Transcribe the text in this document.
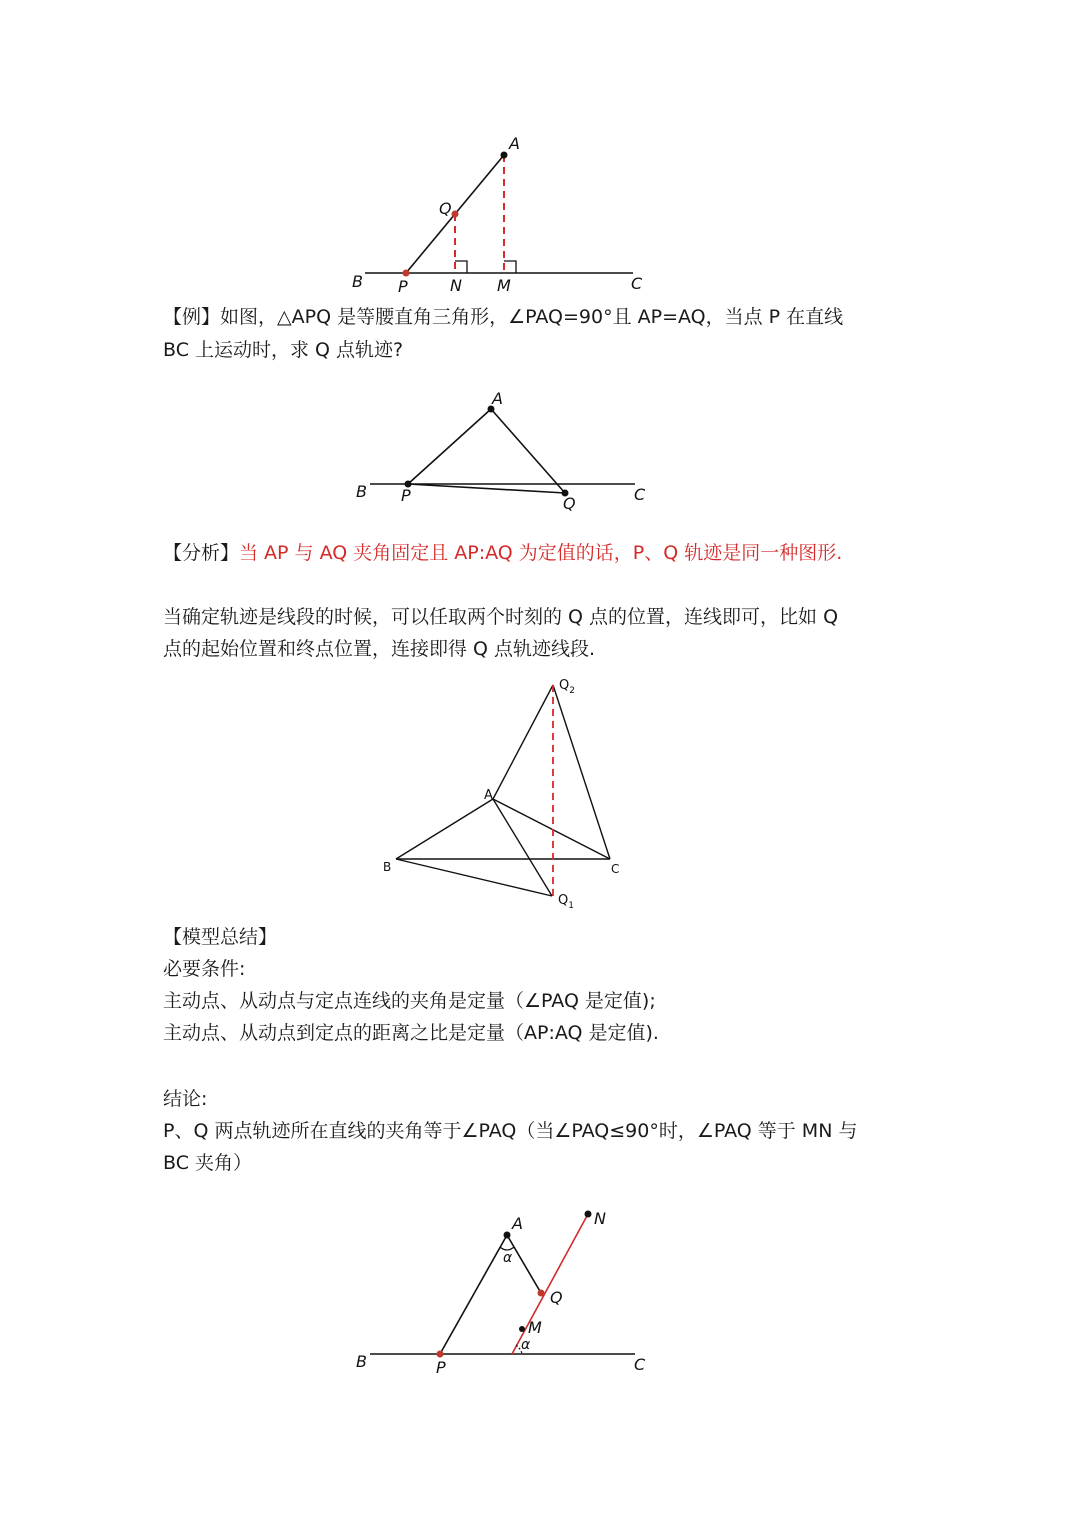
A
Q
B P	N M	C
【例】如图，△APQ 是等腰直角三角形，∠PAQ=90°且 AP=AQ，当点 P 在直线
BC 上运动时，求 Q 点轨迹?
A
B P	Q	C
【分析】当 AP 与 AQ 夹角固定且 AP:AQ 为定值的话，P、Q 轨迹是同一种图形.
当确定轨迹是线段的时候，可以任取两个时刻的 Q 点的位置，连线即可，比如 Q
点的起始位置和终点位置，连接即得 Q 点轨迹线段.
$Q_2$
A
B	C
$Q_1$
【模型总结】
必要条件:
主动点、从动点与定点连线的夹角是定量（∠PAQ 是定值);
主动点、从动点到定点的距离之比是定量（AP:AQ 是定值).
结论:
P、Q 两点轨迹所在直线的夹角等于∠PAQ（当∠PAQ≤90°时，∠PAQ 等于 MN 与
BC 夹角）
A
α
N
Q
M
α
B	P	C
